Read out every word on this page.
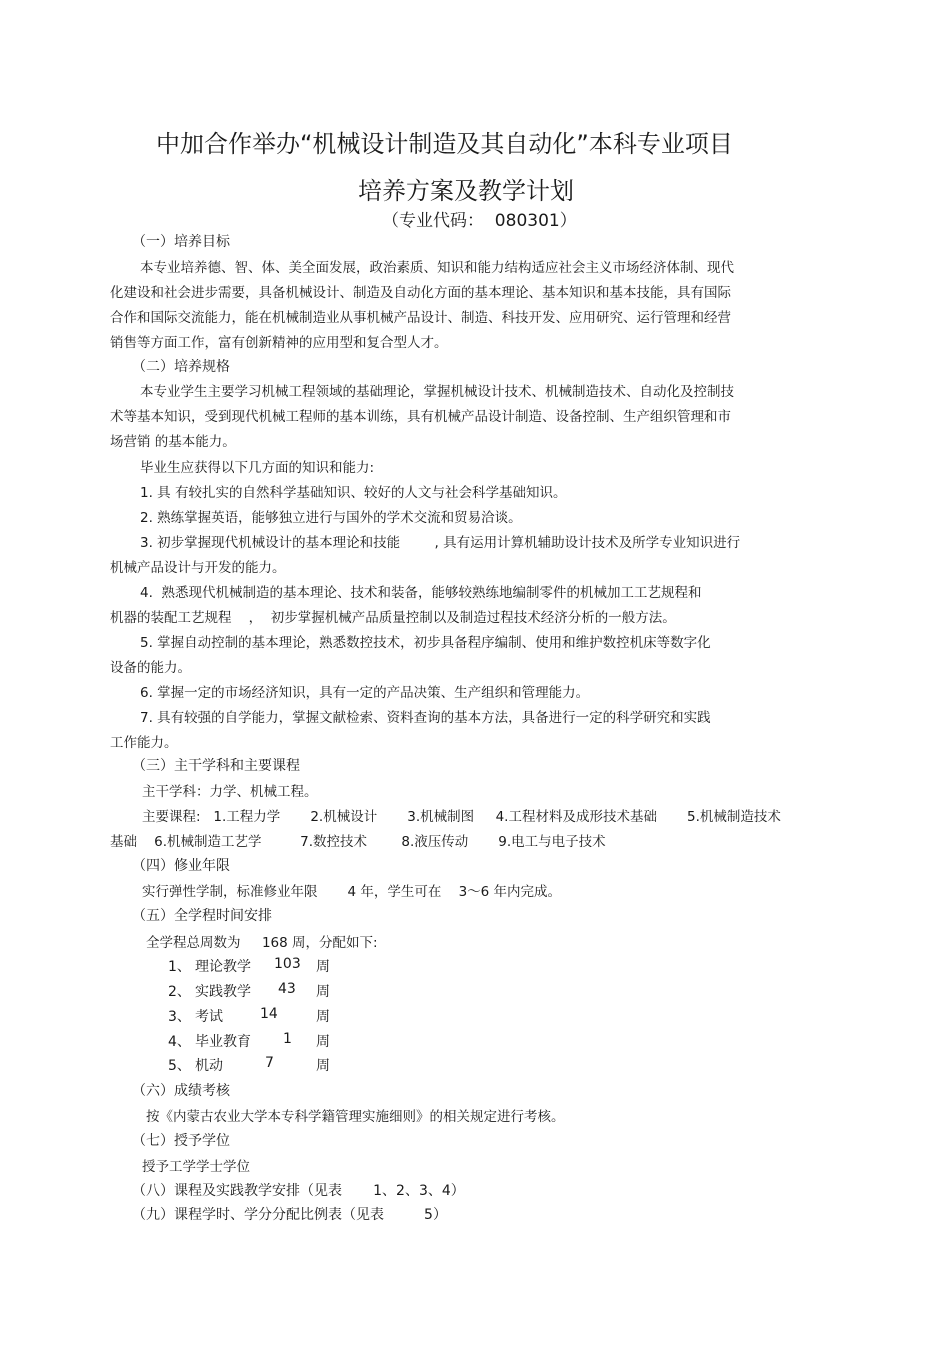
中加合作举办“机械设计制造及其自动化”本科专业项目
培养方案及教学计划
（专业代码：  080301）
（一）培养目标
本专业培养德、智、体、美全面发展，政治素质、知识和能力结构适应社会主义市场经济体制、现代
化建设和社会进步需要，具备机械设计、制造及自动化方面的基本理论、基本知识和基本技能，具有国际
合作和国际交流能力，能在机械制造业从事机械产品设计、制造、科技开发、应用研究、运行管理和经营
销售等方面工作，富有创新精神的应用型和复合型人才。
（二）培养规格
本专业学生主要学习机械工程领域的基础理论，掌握机械设计技术、机械制造技术、自动化及控制技
术等基本知识，受到现代机械工程师的基本训练，具有机械产品设计制造、设备控制、生产组织管理和市
场营销 的基本能力。
毕业生应获得以下几方面的知识和能力:
1. 具 有较扎实的自然科学基础知识、较好的人文与社会科学基础知识。
2. 熟练掌握英语，能够独立进行与国外的学术交流和贸易洽谈。
3. 初步掌握现代机械设计的基本理论和技能        , 具有运用计算机辅助设计技术及所学专业知识进行
机械产品设计与开发的能力。
4.  熟悉现代机械制造的基本理论、技术和装备，能够较熟练地编制零件的机械加工工艺规程和
机器的装配工艺规程    ，  初步掌握机械产品质量控制以及制造过程技术经济分析的一般方法。
5. 掌握自动控制的基本理论，熟悉数控技术，初步具备程序编制、使用和维护数控机床等数字化
设备的能力。
6. 掌握一定的市场经济知识，具有一定的产品决策、生产组织和管理能力。
7. 具有较强的自学能力，掌握文献检索、资料查询的基本方法，具备进行一定的科学研究和实践
工作能力。
（三）主干学科和主要课程
主干学科：力学、机械工程。
主要课程:   1.工程力学       2.机械设计       3.机械制图     4.工程材料及成形技术基础       5.机械制造技术
基础    6.机械制造工艺学         7.数控技术        8.液压传动       9.电工与电子技术
（四）修业年限
实行弹性学制，标准修业年限       4 年，学生可在    3～6 年内完成。
（五）全学程时间安排
全学程总周数为     168 周，分配如下:
1、 理论教学 103 周
2、 实践教学 43 周
3、 考试	14	周
4、 毕业教育 1 周
5、 机动	7	周
（六）成绩考核
按《内蒙古农业大学本专科学籍管理实施细则》的相关规定进行考核。
（七）授予学位
授予工学学士学位
（八）课程及实践教学安排（见表       1、2、3、4）
（九）课程学时、学分分配比例表（见表         5）
